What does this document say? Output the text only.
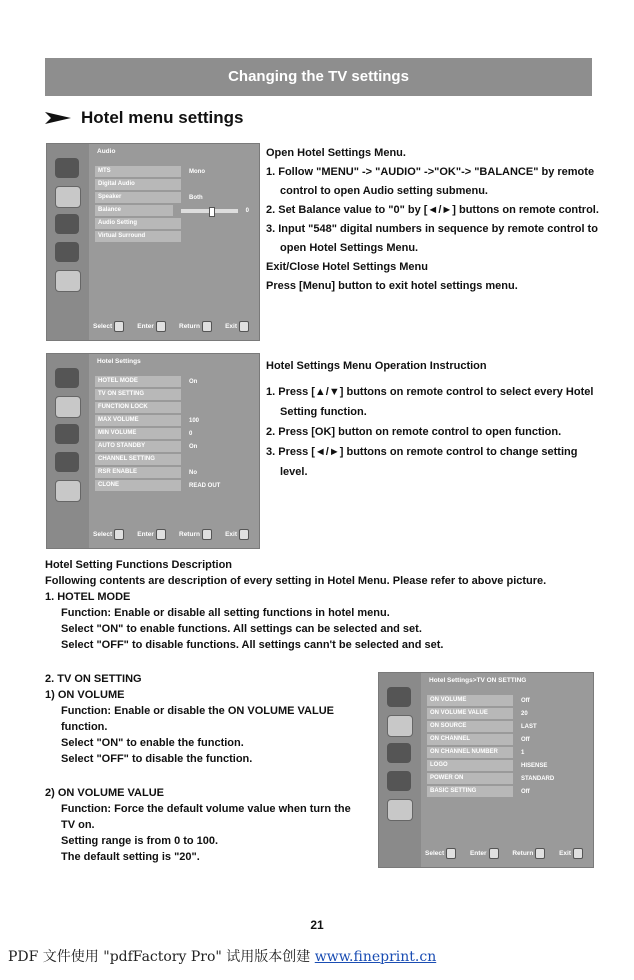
Changing the TV settings
Hotel menu settings
Audio
MTS	Mono
Digital Audio
Speaker	Both
Balance	0
Audio Setting
Virtual Surround
Select	Enter	Return	Exit
Open Hotel Settings Menu.
1. Follow "MENU" -> "AUDIO" ->"OK"-> "BALANCE" by remote control to open Audio setting submenu.
2. Set Balance value to "0" by [◄/►] buttons on remote control.
3. Input "548" digital numbers in sequence by remote control to open Hotel Settings Menu.
Exit/Close Hotel Settings Menu
Press [Menu] button to exit hotel settings menu.
Hotel Settings
HOTEL MODE	On
TV ON SETTING
FUNCTION LOCK
MAX VOLUME	100
MIN VOLUME	0
AUTO STANDBY	On
CHANNEL SETTING
RSR ENABLE	No
CLONE	READ OUT
Select	Enter	Return	Exit
Hotel Settings Menu Operation Instruction
1. Press [▲/▼] buttons on remote control to select every Hotel Setting function.
2. Press [OK] button on remote control to open function.
3. Press [◄/►] buttons on remote control to change setting level.
Hotel Setting Functions Description
Following contents are description of every setting in Hotel Menu. Please refer to above picture.
1. HOTEL MODE
Function: Enable or disable all setting functions in hotel menu.
Select "ON" to enable functions. All settings can be selected and set.
Select "OFF" to disable functions. All settings cann't be selected and set.
2. TV ON SETTING
1) ON VOLUME
Function: Enable or disable the ON VOLUME VALUE
function.
Select "ON" to enable the function.
Select "OFF" to disable the function.
2) ON VOLUME VALUE
Function: Force the default volume value when turn the
TV on.
Setting range is from 0 to 100.
The default setting is "20".
Hotel Settings>TV ON SETTING
ON VOLUME	Off
ON VOLUME VALUE	20
ON SOURCE	LAST
ON CHANNEL	Off
ON CHANNEL NUMBER	1
LOGO	HISENSE
POWER ON	STANDARD
BASIC SETTING	Off
Select	Enter	Return	Exit
21
PDF 文件使用 "pdfFactory Pro" 试用版本创建 www.fineprint.cn
